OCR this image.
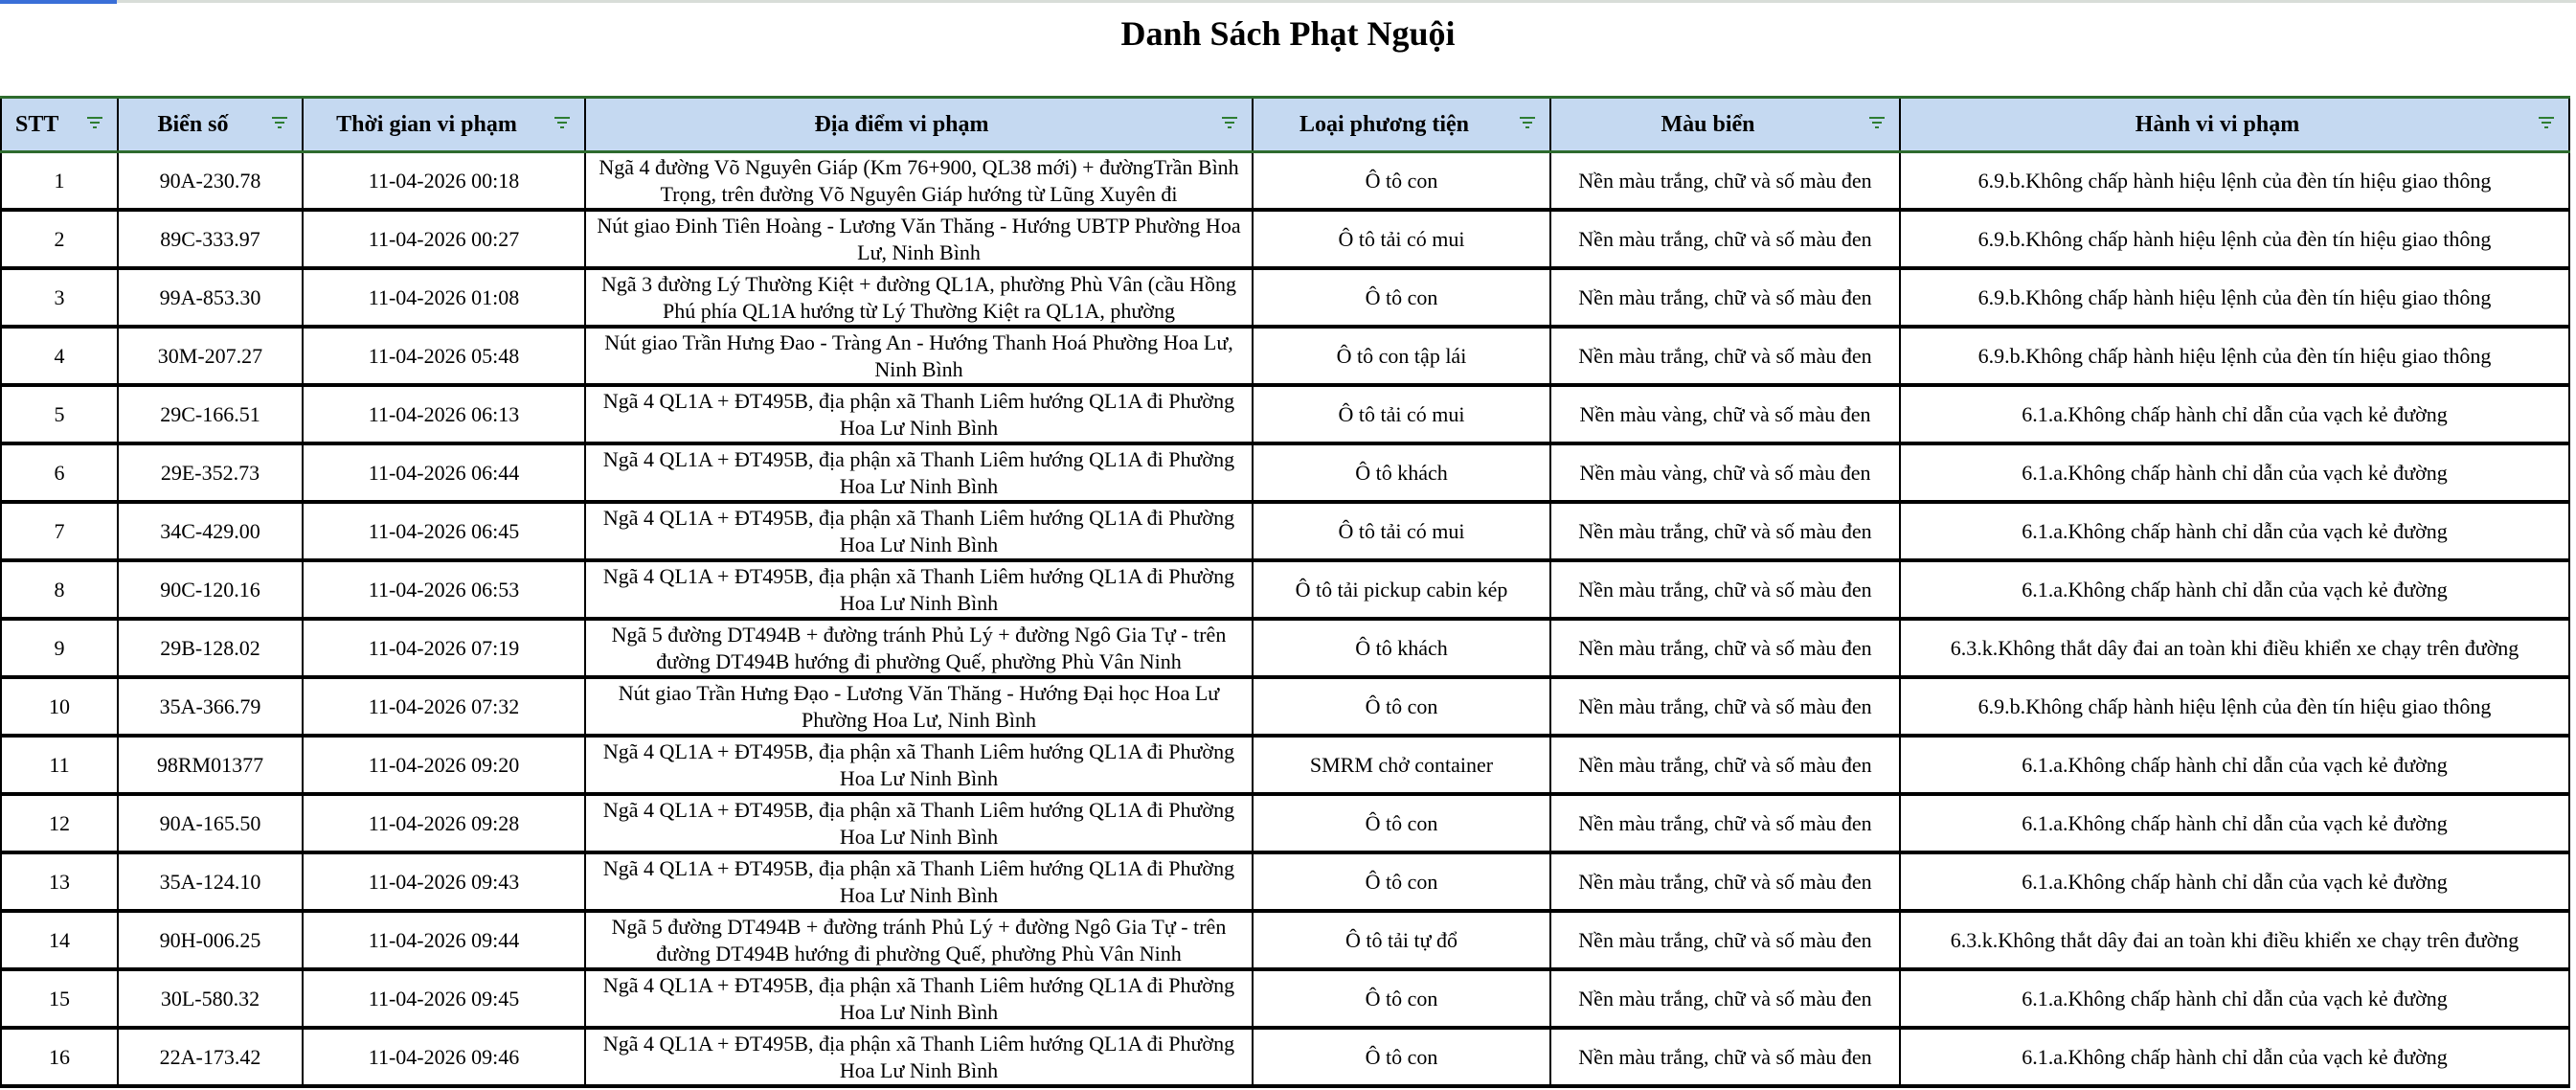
Danh Sách Phạt Nguội
STT	Biển số	Thời gian vi phạm	Địa điểm vi phạm	Loại phương tiện	Màu biển	Hành vi vi phạm

1	90A-230.78	11-04-2026 00:18	Ngã 4 đường Võ Nguyên Giáp (Km 76+900, QL38 mới) + đườngTrần Bình Trọng, trên đường Võ Nguyên Giáp hướng từ Lũng Xuyên đi	Ô tô con	Nền màu trắng, chữ và số màu đen	6.9.b.Không chấp hành hiệu lệnh của đèn tín hiệu giao thông

2	89C-333.97	11-04-2026 00:27	Nút giao Đinh Tiên Hoàng - Lương Văn Thăng - Hướng UBTP Phường Hoa Lư, Ninh Bình	Ô tô tải có mui	Nền màu trắng, chữ và số màu đen	6.9.b.Không chấp hành hiệu lệnh của đèn tín hiệu giao thông

3	99A-853.30	11-04-2026 01:08	Ngã 3 đường Lý Thường Kiệt + đường QL1A, phường Phù Vân (cầu Hồng Phú phía QL1A hướng từ Lý Thường Kiệt ra QL1A, phường	Ô tô con	Nền màu trắng, chữ và số màu đen	6.9.b.Không chấp hành hiệu lệnh của đèn tín hiệu giao thông

4	30M-207.27	11-04-2026 05:48	Nút giao Trần Hưng Đao - Tràng An - Hướng Thanh Hoá Phường Hoa Lư, Ninh Bình	Ô tô con tập lái	Nền màu trắng, chữ và số màu đen	6.9.b.Không chấp hành hiệu lệnh của đèn tín hiệu giao thông

5	29C-166.51	11-04-2026 06:13	Ngã 4 QL1A + ĐT495B, địa phận xã Thanh Liêm hướng QL1A đi Phường Hoa Lư Ninh Bình	Ô tô tải có mui	Nền màu vàng, chữ và số màu đen	6.1.a.Không chấp hành chỉ dẫn của vạch kẻ đường

6	29E-352.73	11-04-2026 06:44	Ngã 4 QL1A + ĐT495B, địa phận xã Thanh Liêm hướng QL1A đi Phường Hoa Lư Ninh Bình	Ô tô khách	Nền màu vàng, chữ và số màu đen	6.1.a.Không chấp hành chỉ dẫn của vạch kẻ đường

7	34C-429.00	11-04-2026 06:45	Ngã 4 QL1A + ĐT495B, địa phận xã Thanh Liêm hướng QL1A đi Phường Hoa Lư Ninh Bình	Ô tô tải có mui	Nền màu trắng, chữ và số màu đen	6.1.a.Không chấp hành chỉ dẫn của vạch kẻ đường

8	90C-120.16	11-04-2026 06:53	Ngã 4 QL1A + ĐT495B, địa phận xã Thanh Liêm hướng QL1A đi Phường Hoa Lư Ninh Bình	Ô tô tải pickup cabin kép	Nền màu trắng, chữ và số màu đen	6.1.a.Không chấp hành chỉ dẫn của vạch kẻ đường

9	29B-128.02	11-04-2026 07:19	Ngã 5 đường DT494B + đường tránh Phủ Lý + đường Ngô Gia Tự - trên đường DT494B hướng đi phường Quế, phường Phù Vân Ninh	Ô tô khách	Nền màu trắng, chữ và số màu đen	6.3.k.Không thắt dây đai an toàn khi điều khiển xe chạy trên đường

10	35A-366.79	11-04-2026 07:32	Nút giao Trần Hưng Đạo - Lương Văn Thăng - Hướng Đại học Hoa Lư Phường Hoa Lư, Ninh Bình	Ô tô con	Nền màu trắng, chữ và số màu đen	6.9.b.Không chấp hành hiệu lệnh của đèn tín hiệu giao thông

11	98RM01377	11-04-2026 09:20	Ngã 4 QL1A + ĐT495B, địa phận xã Thanh Liêm hướng QL1A đi Phường Hoa Lư Ninh Bình	SMRM chở container	Nền màu trắng, chữ và số màu đen	6.1.a.Không chấp hành chỉ dẫn của vạch kẻ đường

12	90A-165.50	11-04-2026 09:28	Ngã 4 QL1A + ĐT495B, địa phận xã Thanh Liêm hướng QL1A đi Phường Hoa Lư Ninh Bình	Ô tô con	Nền màu trắng, chữ và số màu đen	6.1.a.Không chấp hành chỉ dẫn của vạch kẻ đường

13	35A-124.10	11-04-2026 09:43	Ngã 4 QL1A + ĐT495B, địa phận xã Thanh Liêm hướng QL1A đi Phường Hoa Lư Ninh Bình	Ô tô con	Nền màu trắng, chữ và số màu đen	6.1.a.Không chấp hành chỉ dẫn của vạch kẻ đường

14	90H-006.25	11-04-2026 09:44	Ngã 5 đường DT494B + đường tránh Phủ Lý + đường Ngô Gia Tự - trên đường DT494B hướng đi phường Quế, phường Phù Vân Ninh	Ô tô tải tự đổ	Nền màu trắng, chữ và số màu đen	6.3.k.Không thắt dây đai an toàn khi điều khiển xe chạy trên đường

15	30L-580.32	11-04-2026 09:45	Ngã 4 QL1A + ĐT495B, địa phận xã Thanh Liêm hướng QL1A đi Phường Hoa Lư Ninh Bình	Ô tô con	Nền màu trắng, chữ và số màu đen	6.1.a.Không chấp hành chỉ dẫn của vạch kẻ đường

16	22A-173.42	11-04-2026 09:46	Ngã 4 QL1A + ĐT495B, địa phận xã Thanh Liêm hướng QL1A đi Phường Hoa Lư Ninh Bình	Ô tô con	Nền màu trắng, chữ và số màu đen	6.1.a.Không chấp hành chỉ dẫn của vạch kẻ đường
